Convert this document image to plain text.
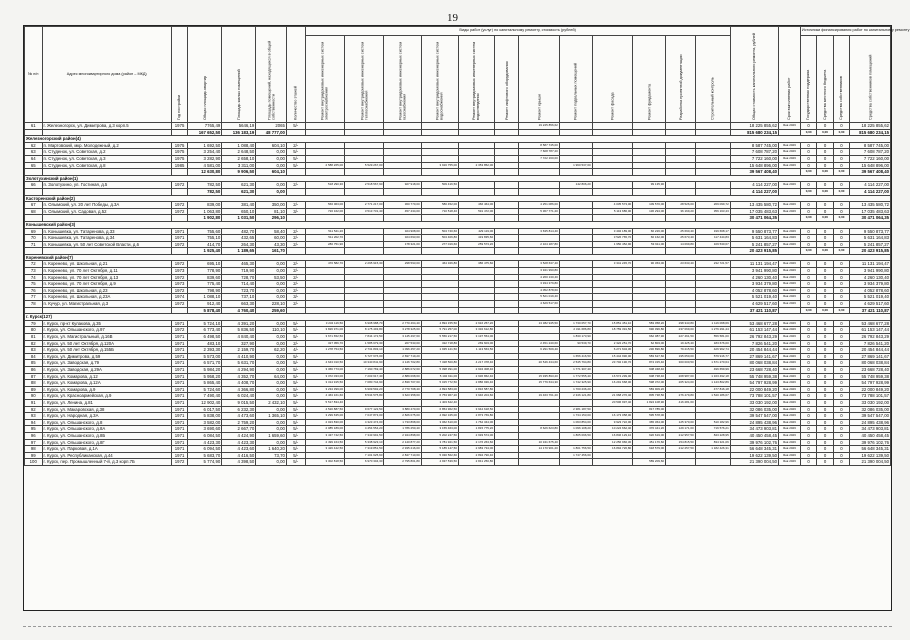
19
№ п/п	Адрес многоквартирного дома (район – МКД)	Год постройки	Общая площадь квартир	Площадь жилых помещений	Площадь помещений, находящихся в общей собственности	Количество этажей	Виды работ (услуг) по капитальному ремонту, стоимость (рублей)												Общая стоимость капитального ремонта, рублей	Срок выполнения работ	Источники финансирования работ по капитальному ремонту			
							Ремонт внутридомовых инженерных систем электроснабжения	Ремонт внутридомовых инженерных систем теплоснабжения	Ремонт внутридомовых инженерных систем газоснабжения	Ремонт внутридомовых инженерных систем водоснабжения	Ремонт внутридомовых инженерных систем водоотведения	Ремонт лифтового оборудования	Ремонт крыши	Ремонт подвальных помещений	Ремонт фасада	Ремонт фундамента	Разработка проектной документации	Строительный контроль			Государственная поддержка	Средства местного бюджета	Средства собственников	Средства собственников помещений
61	г. Железногорск, ул. Димитрова, д.3 корп.5	1975	7765,49	5646,19	2065	5/-							19 225 856,62						18 225 855,62	Янв 2026	0	0	0	18 225 855,62
			167 652,50	136 183,19	48 777,00														815 680 234,15		0,00	0,00	0,00	815 680 234,15
Железногорский район(4)																								
62	п. Мартовский, мкр. Молодежный, д.2	1975	1 692,50	1 088,40	604,10	2/-							8 587 745,00						8 587 745,00	Янв 2026	0	0	0	8 587 745,00
63	п. Студенок, ул. Советская, д.2	1975	3 254,40	2 648,50	0,00	5/-							7 608 787,20						7 608 787,20	Янв 2026	0	0	0	7 608 787,20
64	п. Студенок, ул. Советская, д.3	1975	3 282,90	2 658,10	0,00	5/-							7 722 160,00						7 722 160,00	Янв 2026	0	0	0	7 722 160,00
65	п. Студенок, ул. Советская, д.8	1985	4 581,00	3 311,00	0,00	5/-	2 588 265,00	5 529 267,00		3 916 755,00	2 353 852,00			1 960 537,00					15 648 896,00	Янв 2026	0	0	0	15 648 896,00
			12 630,80	9 906,50	604,10														39 567 408,40		0,00	0,00	0,00	39 567 408,40
Золотухинский район(1)																								
66	п. Золотухино, ул. Гостиная, д.5	1972	782,50	621,30	0,00	2/-	518 290,30	2 518 567,90	927 918,00	509 416,50				142 806,20		99 135,90			4 114 227,00	Янв 2026	0	0	0	4 114 227,00
			782,50	621,30	0,00														4 114 227,00		0,00	0,00	0,00	4 114 227,00
Касторенский район(2)																								
67	п. Олымский, ул. 20 лет Победы, д.3А	1972	839,00	381,40	350,00	2/-	566 063,00	2 771 217,00	360 770,00	580 452,00	466 464,00		4 251 086,00		4 035 573,00	109 570,00	28 526,00	269 099,72	13 435 580,72	Янв 2026	0	0	0	13 435 580,72
68	п. Олымский, ул. Садовая, д.52	1972	1 063,80	650,10	81,10	3/-	720 162,00	3 513 731,40	457 434,00	710 518,40	591 472,00		5 367 771,20		5 113 686,00	136 294,00	36 169,20	356 163,43	17 035 483,63	Янв 2026	0	0	0	17 035 483,63
			1 902,80	1 031,50	296,10														30 471 064,35		0,00	0,00	0,00	30 471 064,35
Конышевский район(3)																								
69	п. Конышевка, ул. Татаренова, д.33	1971	755,60	482,70	58,40	2/-	511 541,20		324 908,00	504 740,60	429 119,00		3 635 814,40		3 402 189,00	66 226,00	25 690,40	199 668,17	9 550 873,77	Янв 2026	0	0	0	9 550 873,77
70	п. Конышевка, ул. Татаренова, д.34	1971	755,10	432,65	60,00	2/-	511 202,70		324 693,00	504 406,80	419 835,60				3 526 765,70	66 162,00	25 673,40	117 444,83	5 631 164,83	Янв 2026	0	0	0	5 631 164,83
71	п. Конышевка, ул. 50 лет Советской Власти, д.6	1972	414,70	264,30	43,30	2/-	280 751,90		178 321,00	277 019,60	259 573,20		2 104 187,80		1 950 452,90	53 911,00	14 099,80	109 530,67	5 241 857,27	Янв 2026	0	0	0	5 241 857,27
			1 925,40	1 189,65	161,70														20 423 915,85		0,00	0,00	0,00	20 423 915,85
Кореневский район(7)																								
72	п. Коренево, ул. Школьная, д.21	1972	695,10	465,30	0,00	2/-	470 582,70	2 295 915,30	298 593,00	464 326,80	386 475,60		3 528 637,40		3 341 245,70	90 363,00	23 633,40	232 721,57	11 131 194,47	Янв 2026	0	0	0	11 131 194,47
73	п. Коренево, ул. 70 лет Октября, д.11	1973	778,90	719,90	0,00	2/-							3 941 990,80						3 941 990,80	Янв 2026	0	0	0	3 941 990,80
74	п. Коренево, ул. 70 лет Октября, д.13	1972	839,60	728,70	53,50	2/-							4 260 130,40						4 260 130,40	Янв 2026	0	0	0	4 260 130,40
75	п. Коренево, ул. 70 лет Октября, д.9	1973	775,40	714,40	0,00	2/-							3 934 379,80						3 934 379,80	Янв 2026	0	0	0	3 934 379,80
76	п. Коренево, ул. Школьная, д.23	1972	798,90	723,70	0,00	2/-							4 052 878,60						4 052 878,60	Янв 2026	0	0	0	4 052 878,60
77	п. Коренево, ул. Школьная, д.23А	1974	1 088,10	737,10	0,00	3/-							5 521 019,40						5 521 019,40	Янв 2026	0	0	0	5 521 019,40
78	п. Кучур, ул. Магистральная, д.3	1972	912,40	663,30	228,10	2/-							4 629 517,60						4 629 517,60	Янв 2026	0	0	0	4 629 517,60
			5 878,40	4 760,40	259,60														37 421 110,87		0,00	0,00	0,00	37 421 110,87
г. Курск(127)																								
79	г. Курск, пр-кт Кулакова, д.35	1971	5 724,10	4 391,20	0,00	5/-	3 234 116,50	6 908 988,70	2 770 464,40	4 894 155,50	2 916 257,20		13 382 945,50	1 730 057,70	15 851 451,10	583 058,20	298 343,80	1 116 068,69	53 468 677,28	Янв 2026	0	0	0	53 468 677,28
80	г. Курск, ул. Ольшанского, д.97	1972	6 773,40	5 836,50	110,10	5/-	3 826 971,00	8 175 493,80	3 278 325,60	5 791 257,00	3 332 612,80			2 311 686,80	18 759 391,50	690 096,80	237 069,00	1 276 291,44	61 153 147,44	Янв 2026	0	0	0	61 153 147,44
81	г. Курск, ул. Магистральный, д.16В	1971	6 498,50	4 840,40	0,00	5/-	3 671 652,50	7 844 172,50	3 145 497,60	5 556 217,50	3 197 554,00			1 830 173,90		662 087,90	227 461,50	556 581,00	26 792 843,29	Янв 2026	0	0	0	26 792 843,29
82	г. Курск, ул. 50 лет Октября, д.120А	1971	483,10	327,90	0,00	2/-	327 056,70	1 585 679,30	207 533,00	322 718,80	269 603,00		2 451 240,60	90 539,70	2 322 251,70	62 803,00	19 425,40	183 676,00	7 826 541,20	Янв 2026	0	0	0	7 826 541,20
83	г. Курск, ул. 50 лет Октября, д.155Б	1971	2 393,30	2 159,70	62,20	4/-	1 278 754,50	2 731 803,10	1 096 457,20	1 935 121,50	1 113 563,50		6 291 509,40		6 271 604,30	230 896,80	79 215,50	426 962,74	20 454 844,44	Янв 2026	0	0	0	20 454 844,44
84	г. Курск, ул. Димитрова, д.59	1971	5 573,00	4 410,90	0,00	5/-		6 727 676,00	2 697 719,20					1 656 416,50	15 444 990,00	583 627,60	195 050,00	579 916,77	27 869 141,67	Янв 2026	0	0	0	27 869 141,67
85	г. Курск, ул. Заводская, д.79	1971	6 571,70	5 631,70	0,00	5/-	4 643 010,50	10 340 841,90	4 146 702,80	7 328 500,80	4 217 378,40		20 546 434,60	2 545 794,80	23 702 190,70	874 315,40	300 000,50	1 671 270,64	80 068 038,84	Янв 2026	0	0	0	80 068 038,84
86	г. Курск, ул. Заводская, д.29А	1971	5 984,20	4 294,90	0,00	5/-	3 366 773,00	7 190 769,40	2 886 072,60	5 098 391,00	2 934 308,40			1 771 307,40		608 348,40		496 659,99	23 668 728,40	Янв 2026	0	0	0	23 668 728,40
87	г. Курск, ул. Комарова, д.12	1971	5 958,20	4 352,70	64,00	5/-	3 372 033,00	7 203 617,40	2 889 068,60	5 102 911,00	2 936 862,40		15 935 893,20	1 772 555,40	16 574 299,00	608 738,40	208 987,00	1 163 492,18	55 748 959,38	Янв 2026	0	0	0	55 748 959,38
88	г. Курск, ул. Комарова, д.12А	1971	5 865,40	4 408,70	0,00	5/-	3 314 915,50	7 080 744,90	2 839 707,60	5 015 772,50	2 886 936,40		15 779 634,30	1 742 325,90	16 291 668,00	598 372,00	205 324,00	1 143 802,89	54 797 928,99	Янв 2026	0	0	0	54 797 928,99
89	г. Курск, ул. Комарова, д.9	1971	5 724,60	4 366,80	0,00	5/-	3 234 399,00	6 909 592,20	2 770 708,40	4 894 583,00	2 816 587,80			1 700 236,20		583 909,20		477 816,18	22 000 849,20	Янв 2026	0	0	0	22 000 849,20
90	г. Курск, ул. Красноармейская, д.9	1971	7 490,40	6 024,40	0,00	5/-	4 463 161,60	8 534 575,80	3 623 358,60	6 753 967,20	3 946 204,60		19 463 761,20	2 346 121,80	21 668 276,40	805 738,50	276 479,80	1 540 186,67	73 788 101,57	Янв 2026	0	0	0	73 788 101,57
91	г. Курск, ул. Ленина, д.81	1971	12 902,40	9 015,50	2 432,10	5/-	5 517 834,40			1 403 622,40					20 506 997,40	1 824 108,90	416 281,60		33 030 192,00	Янв 2026	0	0	0	33 030 192,00
92	г. Курск, ул. Макаровская, д.38	1971	6 017,50	6 232,30	0,00	5/-	4 520 887,50	9 677 122,50	3 880 470,00	6 854 962,50	3 944 618,50			2 381 187,50		817 785,00			32 086 035,00	Янв 2026	0	0	0	32 086 035,00
93	г. Курск, ул. Народная, д.3А	1971	5 838,00	4 473,60	1 365,10	5/-	3 299 635,00	7 047 873,00	2 826 075,00	4 992 345,00	2 873 769,80			1 734 153,00	16 173 058,00	595 578,00			39 547 547,00	Янв 2026	0	0	0	39 547 547,00
94	г. Курск, ул. Ольшанского, д.8	1971	3 582,00	2 759,20	0,00	5/-	2 023 830,00	4 323 474,00	1 733 868,00	3 062 610,00	1 762 344,00			1 063 854,00	9 923 722,00	365 364,00	125 370,00	510 182,96	24 895 438,96	Янв 2026	0	0	0	24 895 438,96
95	г. Курск, ул. Ольшанского, д.8А	1971	3 690,60	2 667,70	0,00	5/-	2 085 189,00	4 454 554,20	1 786 250,40	3 155 463,00	1 815 775,20		8 626 623,80	1 096 108,20	10 224 662,40	376 441,20	129 171,00	716 576,21	34 473 903,81	Янв 2026	0	0	0	34 473 903,81
96	г. Курск, ул. Ольшанского, д.8Б	1971	6 084,50	4 424,90	1 659,60	5/-	3 437 742,50	7 343 991,50	2 944 898,00	5 202 247,50	2 993 574,00			1 805 096,50	16 846 129,10	620 619,00	212 957,50	843 228,95	40 450 458,45	Янв 2026	0	0	0	40 450 458,45
97	г. Курск, ул. Ольшанского, д.8Г	1971	4 423,30	4 423,30	0,00	5/-	2 499 164,50	5 338 923,10	2 140 877,20	3 781 921,50	2 176 263,60		10 341 675,40		12 256 966,30	451 176,60	154 815,50	834 321,06	39 976 102,76	Янв 2026	0	0	0	39 976 102,76
98	г. Курск, ул. Парковая, д.1А	1971	6 094,50	4 423,60	1 640,20	5/-	3 426 442,50	7 319 851,50	2 935 216,00	5 185 147,50	2 983 734,00		14 170 901,20	1 801 756,50	16 894 726,80	618 579,00	212 257,50	1 182 426,31	56 648 345,31	Янв 2026	0	0	0	56 648 345,31
99	г. Курск, ул. Республиканская, д.44	1971	5 683,70	4 416,50	73,70	5/-		7 101 625,60	2 847 710,60	5 030 562,60	2 894 790,40			1 747 456,60					19 622 139,50	Янв 2026	0	0	0	19 622 139,50
100	г. Курск, пер. Промышленный 7-й, д.3 корп.7Б	1972	5 774,90	4 398,50	0,00	5/-	3 302 818,50	6 970 304,30	2 795 801,80	4 937 539,50	2 841 250,80					589 209,60			21 390 004,50	Янв 2026	0	0	0	21 390 004,50
